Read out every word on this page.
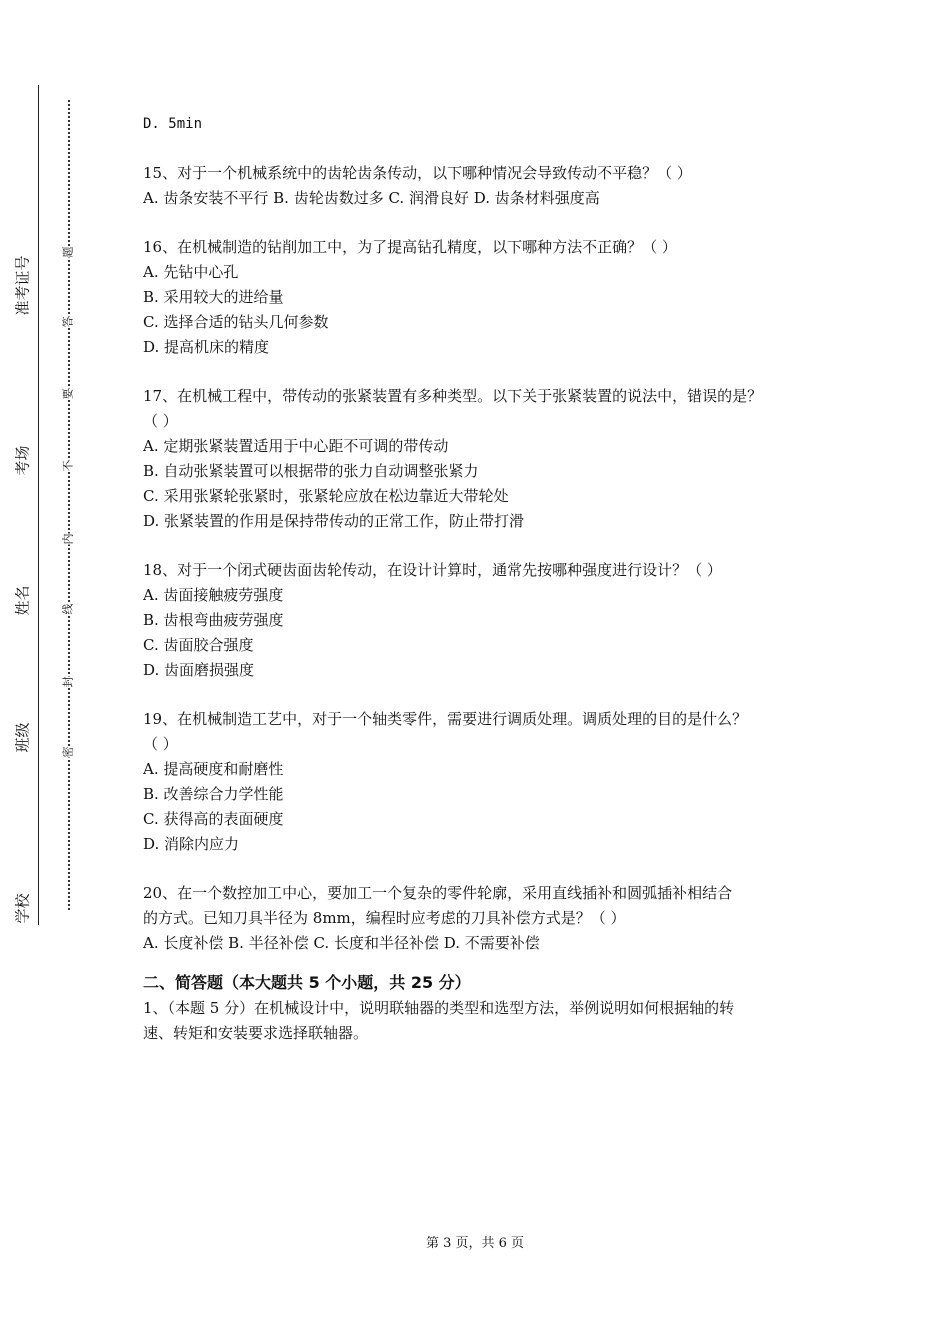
准考证号
考场
姓名
班级
学校
题
答
要
不
内
线
封
密

D. 5min

15、对于一个机械系统中的齿轮齿条传动，以下哪种情况会导致传动不平稳？（ ）

A. 齿条安装不平行 B. 齿轮齿数过多 C. 润滑良好 D. 齿条材料强度高

16、在机械制造的钻削加工中，为了提高钻孔精度，以下哪种方法不正确？（ ）

A. 先钻中心孔

B. 采用较大的进给量

C. 选择合适的钻头几何参数

D. 提高机床的精度

17、在机械工程中，带传动的张紧装置有多种类型。以下关于张紧装置的说法中，错误的是？

（ ）

A. 定期张紧装置适用于中心距不可调的带传动

B. 自动张紧装置可以根据带的张力自动调整张紧力

C. 采用张紧轮张紧时，张紧轮应放在松边靠近大带轮处

D. 张紧装置的作用是保持带传动的正常工作，防止带打滑

18、对于一个闭式硬齿面齿轮传动，在设计计算时，通常先按哪种强度进行设计？（ ）

A. 齿面接触疲劳强度

B. 齿根弯曲疲劳强度

C. 齿面胶合强度

D. 齿面磨损强度

19、在机械制造工艺中，对于一个轴类零件，需要进行调质处理。调质处理的目的是什么？

（ ）

A. 提高硬度和耐磨性

B. 改善综合力学性能

C. 获得高的表面硬度

D. 消除内应力

20、在一个数控加工中心，要加工一个复杂的零件轮廓，采用直线插补和圆弧插补相结合

的方式。已知刀具半径为 8mm，编程时应考虑的刀具补偿方式是？（ ）

A. 长度补偿 B. 半径补偿 C. 长度和半径补偿 D. 不需要补偿

二、简答题（本大题共 5 个小题，共 25 分）

1、（本题 5 分）在机械设计中，说明联轴器的类型和选型方法，举例说明如何根据轴的转

速、转矩和安装要求选择联轴器。

第 3 页，共 6 页
